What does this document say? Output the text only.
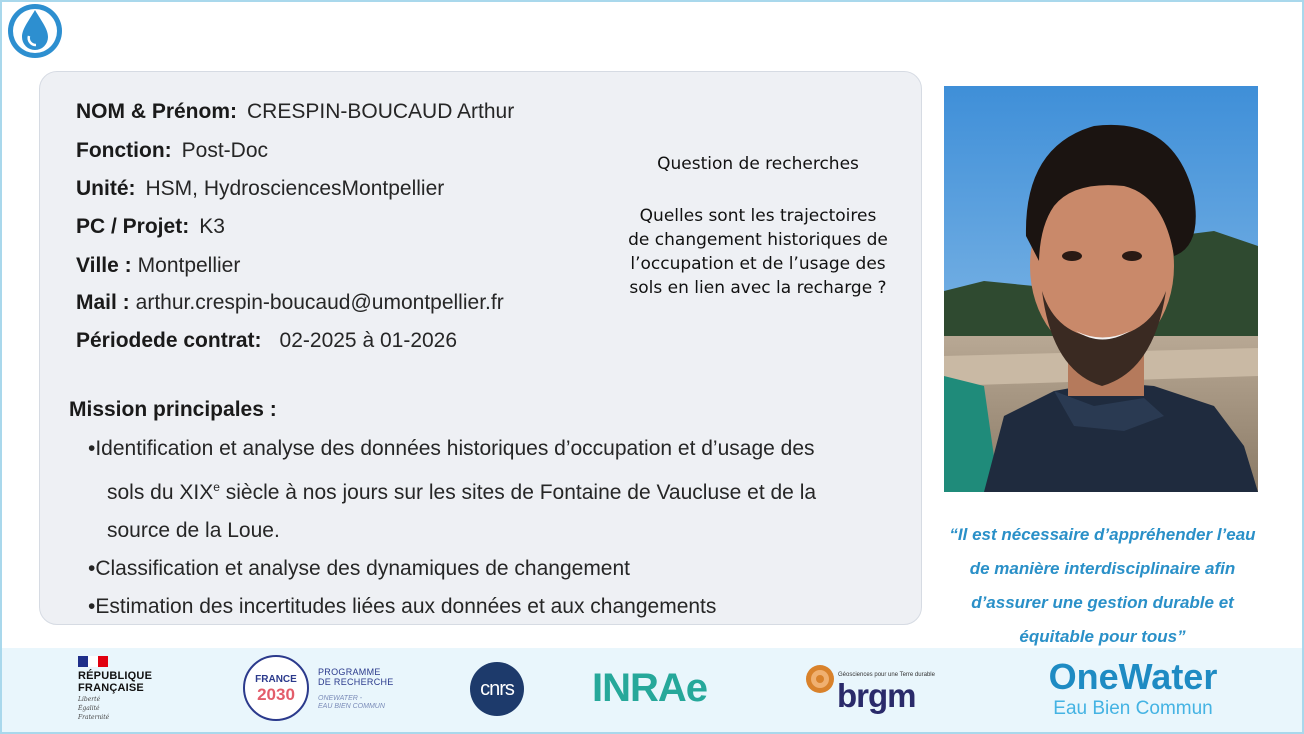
NOM & Prénom: CRESPIN-BOUCAUD Arthur
Fonction: Post-Doc
Unité: HSM, HydrosciencesMontpellier
PC / Projet: K3
Ville : Montpellier
Mail : arthur.crespin-boucaud@umontpellier.fr
Périodede contrat: 02-2025 à 01-2026
Question de recherches
Quelles sont les trajectoires de changement historiques de l’occupation et de l’usage des sols en lien avec la recharge ?
Mission principales :
•Identification et analyse des données historiques d’occupation et d’usage des
sols du XIXe siècle à nos jours sur les sites de Fontaine de Vaucluse et de la
source de la Loue.
•Classification et analyse des dynamiques de changement
•Estimation des incertitudes liées aux données et aux changements
“Il est nécessaire d’appréhender l’eau
de manière interdisciplinaire afin
d’assurer une gestion durable et
équitable pour tous”
RÉPUBLIQUE
FRANÇAISE
Liberté
Égalité
Fraternité
FRANCE
2030
PROGRAMME
DE RECHERCHE
ONEWATER -
EAU BIEN COMMUN
cnrs INRAe	Géosciences pour une Terre durable
brgm	OneWater
Eau Bien Commun
